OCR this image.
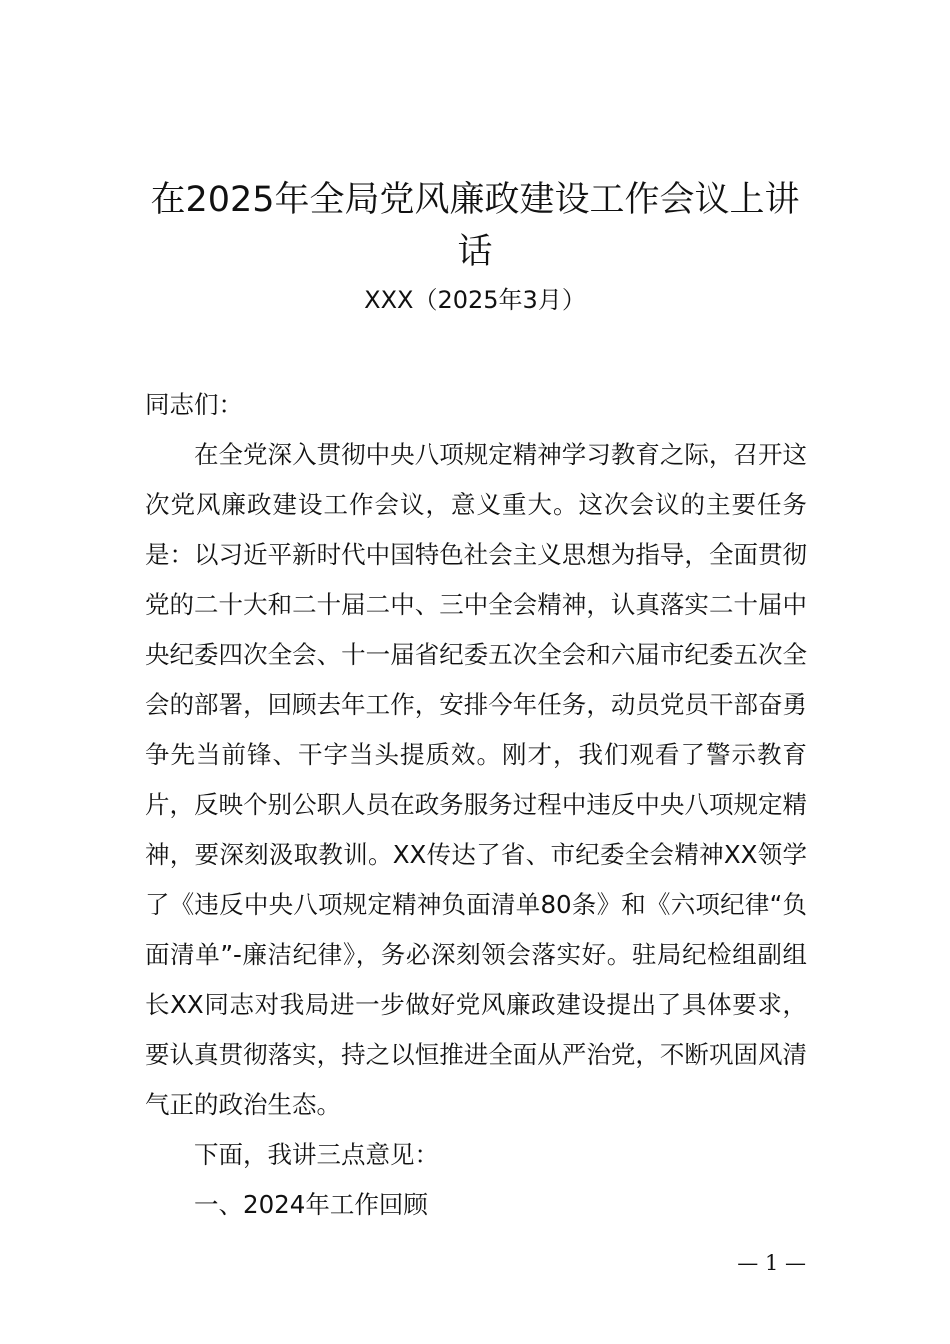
在2025年全局党风廉政建设工作会议上讲话
XXX（2025年3月）

同志们：

在全党深入贯彻中央八项规定精神学习教育之际，召开这次党风廉政建设工作会议，意义重大。这次会议的主要任务是：以习近平新时代中国特色社会主义思想为指导，全面贯彻党的二十大和二十届二中、三中全会精神，认真落实二十届中央纪委四次全会、十一届省纪委五次全会和六届市纪委五次全会的部署，回顾去年工作，安排今年任务，动员党员干部奋勇争先当前锋、干字当头提质效。刚才，我们观看了警示教育片，反映个别公职人员在政务服务过程中违反中央八项规定精神，要深刻汲取教训。XX传达了省、市纪委全会精神XX领学了《违反中央八项规定精神负面清单80条》和《六项纪律“负面清单”-廉洁纪律》，务必深刻领会落实好。驻局纪检组副组长XX同志对我局进一步做好党风廉政建设提出了具体要求，要认真贯彻落实，持之以恒推进全面从严治党，不断巩固风清气正的政治生态。

下面，我讲三点意见：

一、2024年工作回顾

— 1 —
